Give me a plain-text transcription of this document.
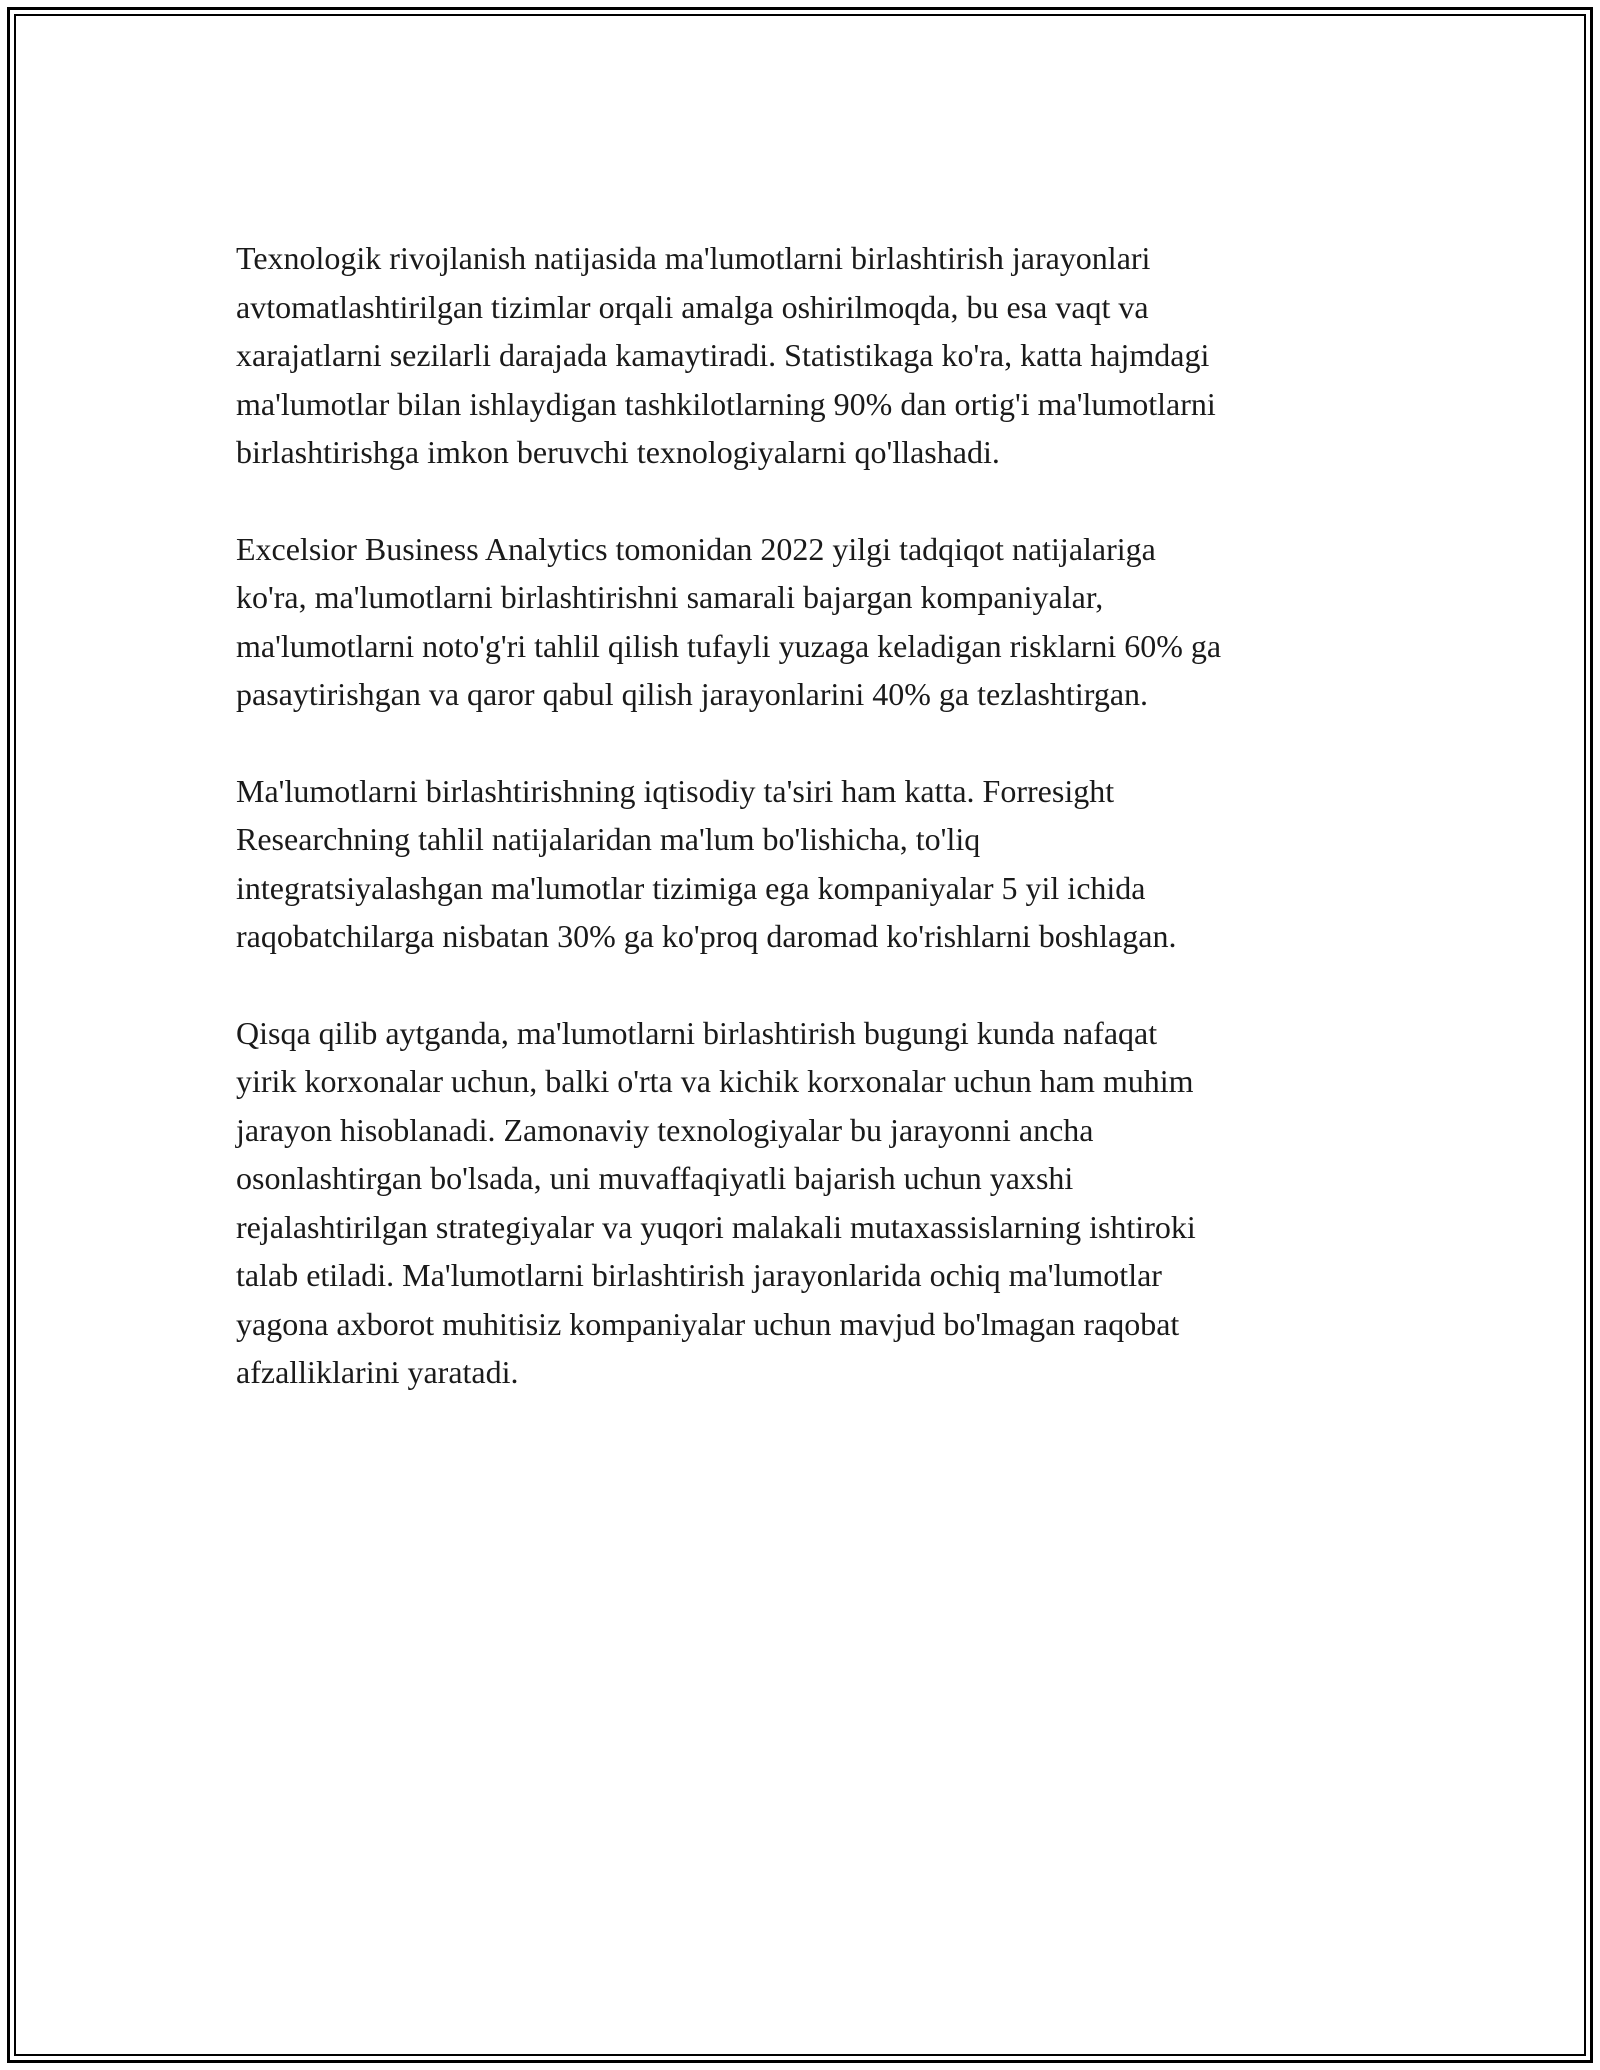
Texnologik rivojlanish natijasida ma'lumotlarni birlashtirish jarayonlari
avtomatlashtirilgan tizimlar orqali amalga oshirilmoqda, bu esa vaqt va
xarajatlarni sezilarli darajada kamaytiradi. Statistikaga ko'ra, katta hajmdagi
ma'lumotlar bilan ishlaydigan tashkilotlarning 90% dan ortig'i ma'lumotlarni
birlashtirishga imkon beruvchi texnologiyalarni qo'llashadi.

Excelsior Business Analytics tomonidan 2022 yilgi tadqiqot natijalariga
ko'ra, ma'lumotlarni birlashtirishni samarali bajargan kompaniyalar,
ma'lumotlarni noto'g'ri tahlil qilish tufayli yuzaga keladigan risklarni 60% ga
pasaytirishgan va qaror qabul qilish jarayonlarini 40% ga tezlashtirgan.

Ma'lumotlarni birlashtirishning iqtisodiy ta'siri ham katta. Forresight
Researchning tahlil natijalaridan ma'lum bo'lishicha, to'liq
integratsiyalashgan ma'lumotlar tizimiga ega kompaniyalar 5 yil ichida
raqobatchilarga nisbatan 30% ga ko'proq daromad ko'rishlarni boshlagan.

Qisqa qilib aytganda, ma'lumotlarni birlashtirish bugungi kunda nafaqat
yirik korxonalar uchun, balki o'rta va kichik korxonalar uchun ham muhim
jarayon hisoblanadi. Zamonaviy texnologiyalar bu jarayonni ancha
osonlashtirgan bo'lsada, uni muvaffaqiyatli bajarish uchun yaxshi
rejalashtirilgan strategiyalar va yuqori malakali mutaxassislarning ishtiroki
talab etiladi. Ma'lumotlarni birlashtirish jarayonlarida ochiq ma'lumotlar
yagona axborot muhitisiz kompaniyalar uchun mavjud bo'lmagan raqobat
afzalliklarini yaratadi.
